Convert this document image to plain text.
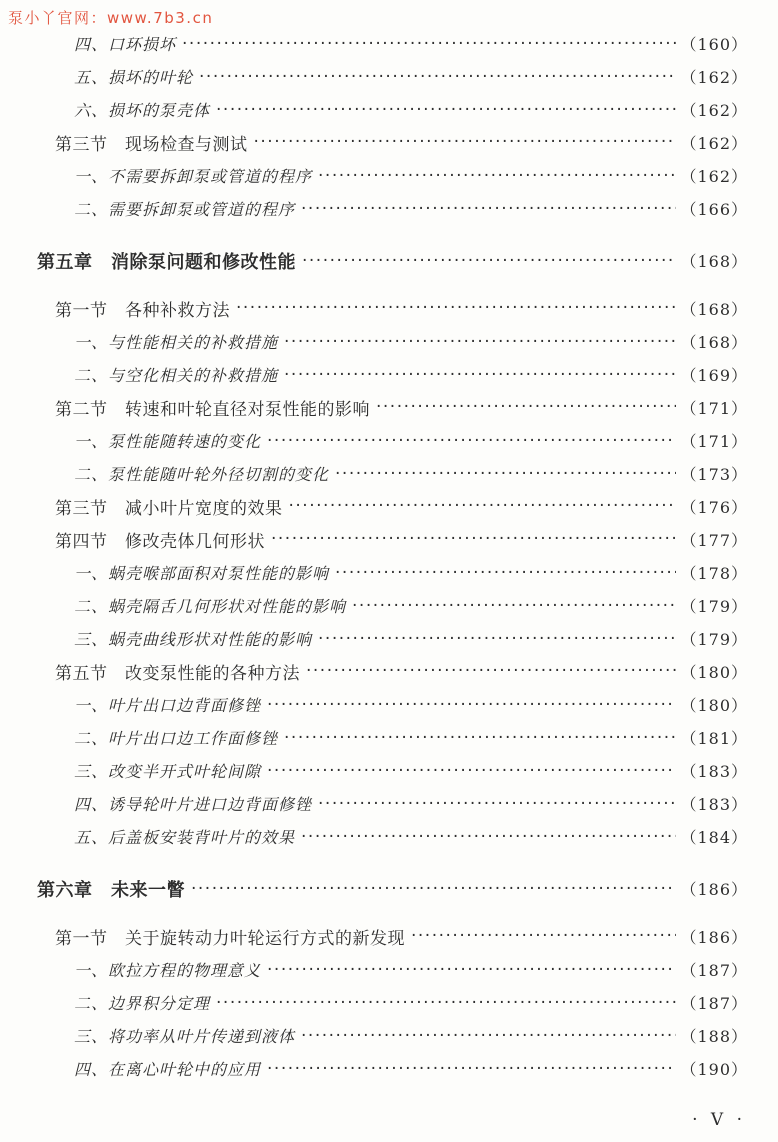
泵小丫官网：www.7b3.cn
四、口环损坏 ·····	（160）
五、损坏的叶轮 ·····	（162）
六、损坏的泵壳体 ·····	（162）
第三节　现场检查与测试 ·····	（162）
一、不需要拆卸泵或管道的程序 ·····	（162）
二、需要拆卸泵或管道的程序 ·····	（166）
第五章　消除泵问题和修改性能 ·····	（168）
第一节　各种补救方法 ·····	（168）
一、与性能相关的补救措施 ·····	（168）
二、与空化相关的补救措施 ·····	（169）
第二节　转速和叶轮直径对泵性能的影响 ·····	（171）
一、泵性能随转速的变化 ·····	（171）
二、泵性能随叶轮外径切割的变化 ·····	（173）
第三节　减小叶片宽度的效果 ·····	（176）
第四节　修改壳体几何形状 ·····	（177）
一、蜗壳喉部面积对泵性能的影响 ·····	（178）
二、蜗壳隔舌几何形状对性能的影响 ·····	（179）
三、蜗壳曲线形状对性能的影响 ·····	（179）
第五节　改变泵性能的各种方法 ·····	（180）
一、叶片出口边背面修锉 ·····	（180）
二、叶片出口边工作面修锉 ·····	（181）
三、改变半开式叶轮间隙 ·····	（183）
四、诱导轮叶片进口边背面修锉 ·····	（183）
五、后盖板安装背叶片的效果 ·····	（184）
第六章　未来一瞥 ·····	（186）
第一节　关于旋转动力叶轮运行方式的新发现 ·····	（186）
一、欧拉方程的物理意义 ·····	（187）
二、边界积分定理 ·····	（187）
三、将功率从叶片传递到液体 ·····	（188）
四、在离心叶轮中的应用 ·····	（190）
· V ·
